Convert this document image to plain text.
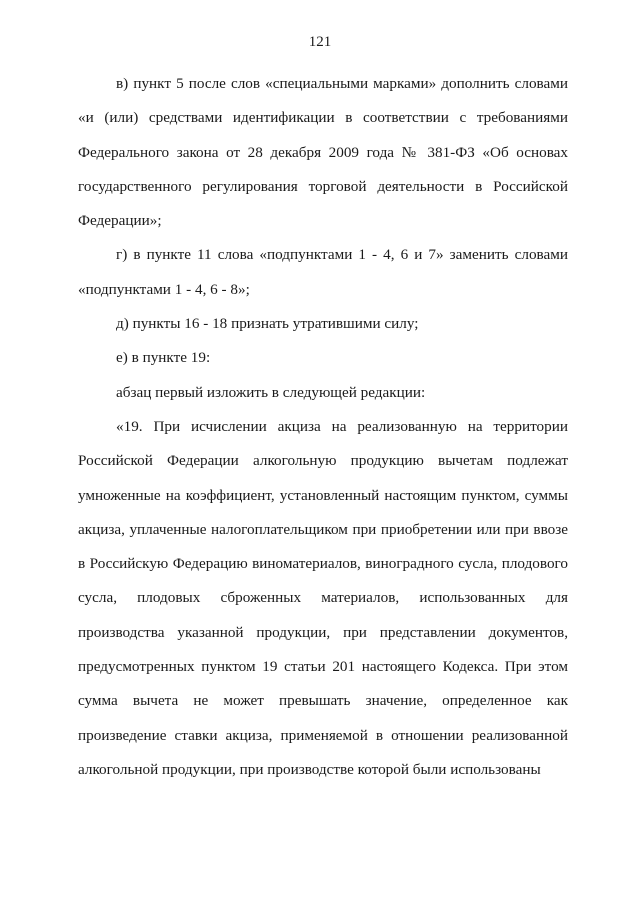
121

в) пункт 5 после слов «специальными марками» дополнить словами «и (или) средствами идентификации в соответствии с требованиями Федерального закона от 28 декабря 2009 года № 381-ФЗ «Об основах государственного регулирования торговой деятельности в Российской Федерации»;

г) в пункте 11 слова «подпунктами 1 - 4, 6 и 7» заменить словами «подпунктами 1 - 4, 6 - 8»;

д) пункты 16 - 18 признать утратившими силу;

е) в пункте 19:

абзац первый изложить в следующей редакции:

«19. При исчислении акциза на реализованную на территории Российской Федерации алкогольную продукцию вычетам подлежат умноженные на коэффициент, установленный настоящим пунктом, суммы акциза, уплаченные налогоплательщиком при приобретении или при ввозе в Российскую Федерацию виноматериалов, виноградного сусла, плодового сусла, плодовых сброженных материалов, использованных для производства указанной продукции, при представлении документов, предусмотренных пунктом 19 статьи 201 настоящего Кодекса. При этом сумма вычета не может превышать значение, определенное как произведение ставки акциза, применяемой в отношении реализованной алкогольной продукции, при производстве которой были использованы
